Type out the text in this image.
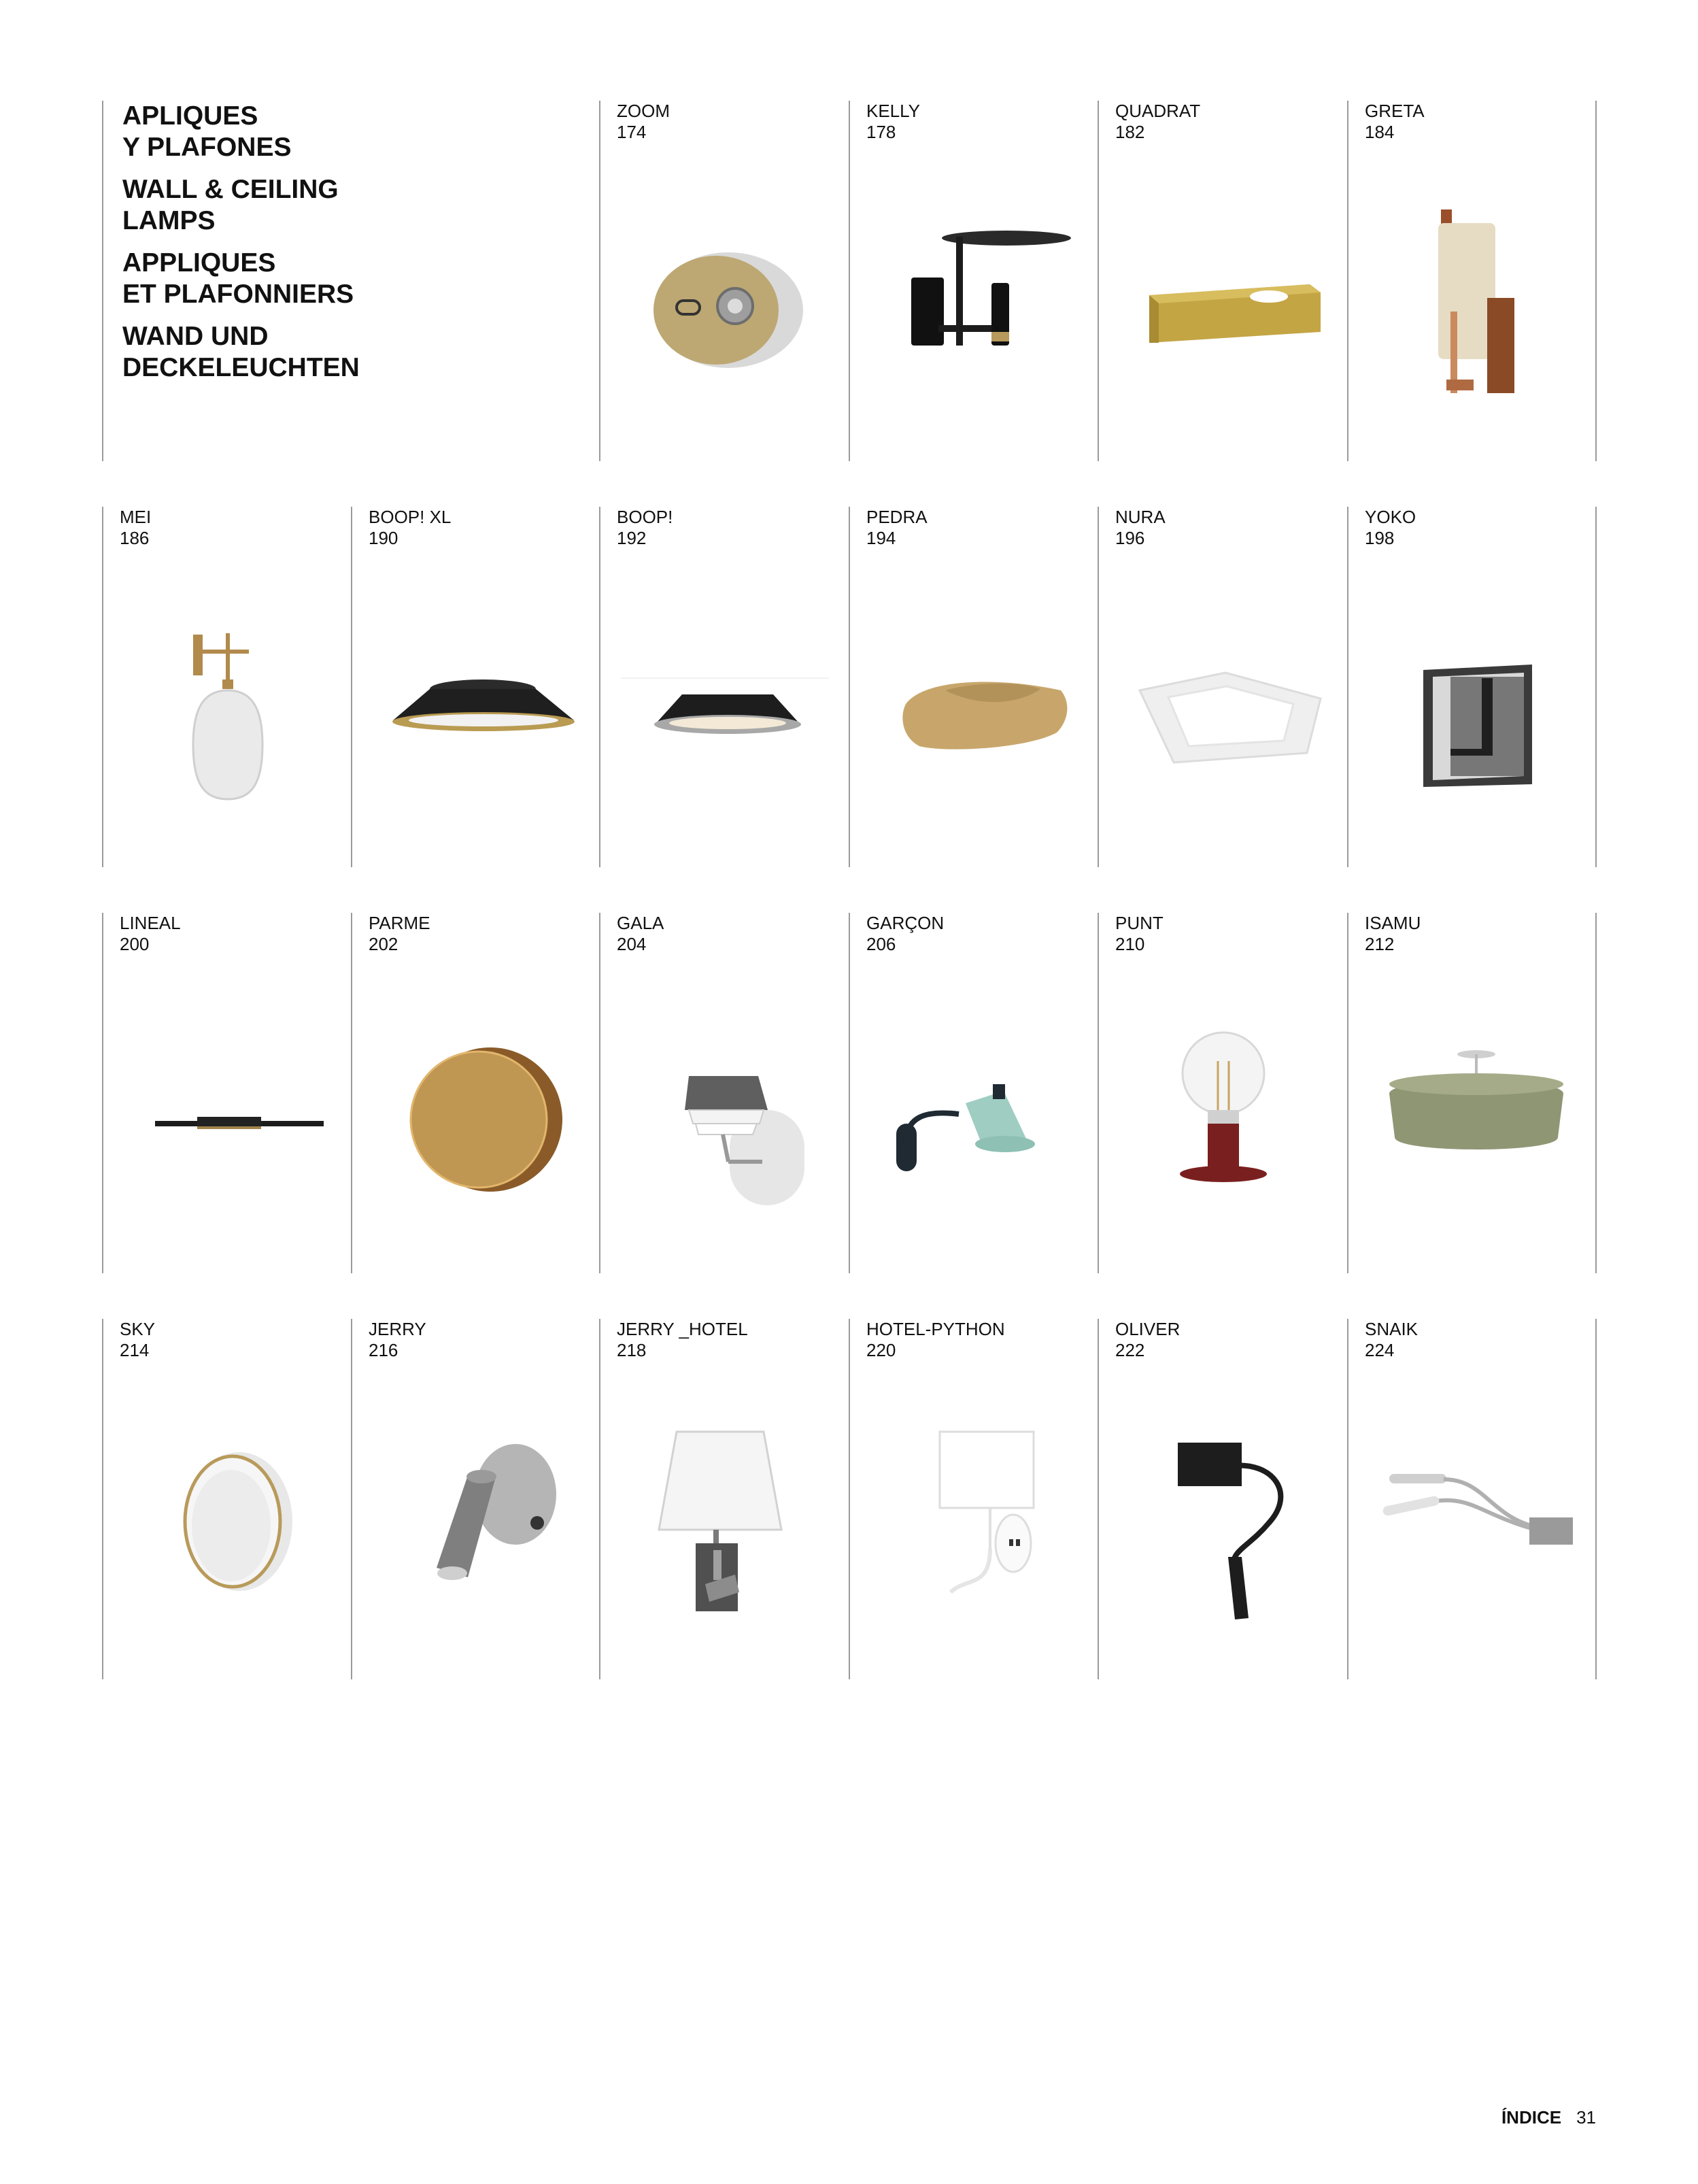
APLIQUES
Y PLAFONES
WALL & CEILING
LAMPS
APPLIQUES
ET PLAFONNIERS
WAND UND
DECKELEUCHTEN
ZOOM
174
KELLY
178
QUADRAT
182
GRETA
184
MEI
186
BOOP! XL
190
BOOP!
192
PEDRA
194
NURA
196
YOKO
198
LINEAL
200
PARME
202
GALA
204
GARÇON
206
PUNT
210
ISAMU
212
SKY
214
JERRY
216
JERRY _HOTEL
218
HOTEL-PYTHON
220
OLIVER
222
SNAIK
224
ÍNDICE 31
